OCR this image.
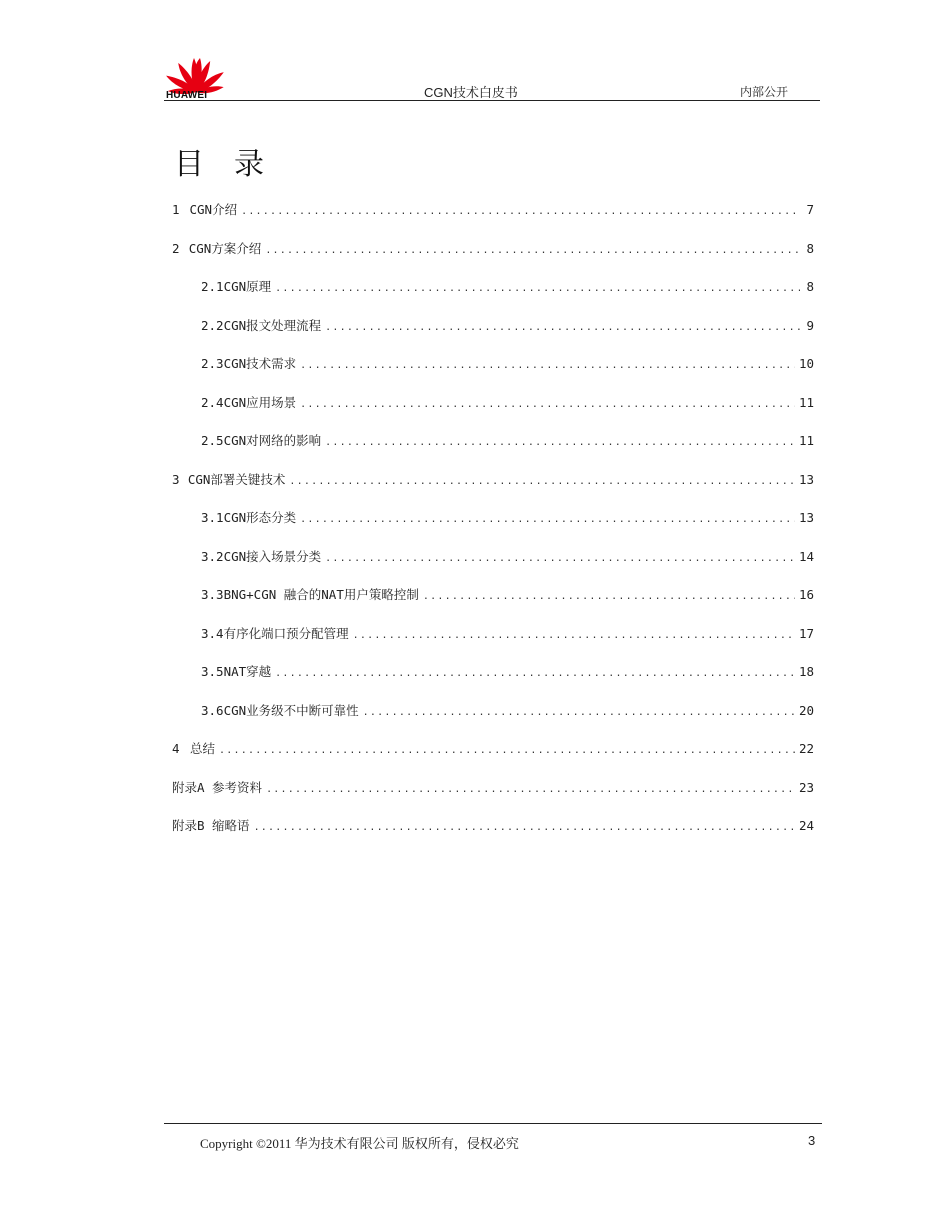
HUAWEI	CGN技术白皮书	内部公开
目录
1 CGN介绍 . . .	7
2 CGN方案介绍 . . .	8
2.1 CGN原理 . . .	8
2.2 CGN报文处理流程 . . .	9
2.3 CGN技术需求 . . .	10
2.4 CGN应用场景 . . .	11
2.5 CGN对网络的影响 . . .	11
3 CGN部署关键技术 . . .	13
3.1 CGN形态分类 . . .	13
3.2 CGN接入场景分类 . . .	14
3.3 BNG+CGN 融合的NAT用户策略控制 . . .	16
3.4 有序化端口预分配管理 . . .	17
3.5 NAT穿越 . . .	18
3.6 CGN业务级不中断可靠性 . . .	20
4 总结 . . .	22
附录A 参考资料 . . .	23
附录B 缩略语 . . .	24
Copyright ©2011 华为技术有限公司 版权所有，侵权必究	3
